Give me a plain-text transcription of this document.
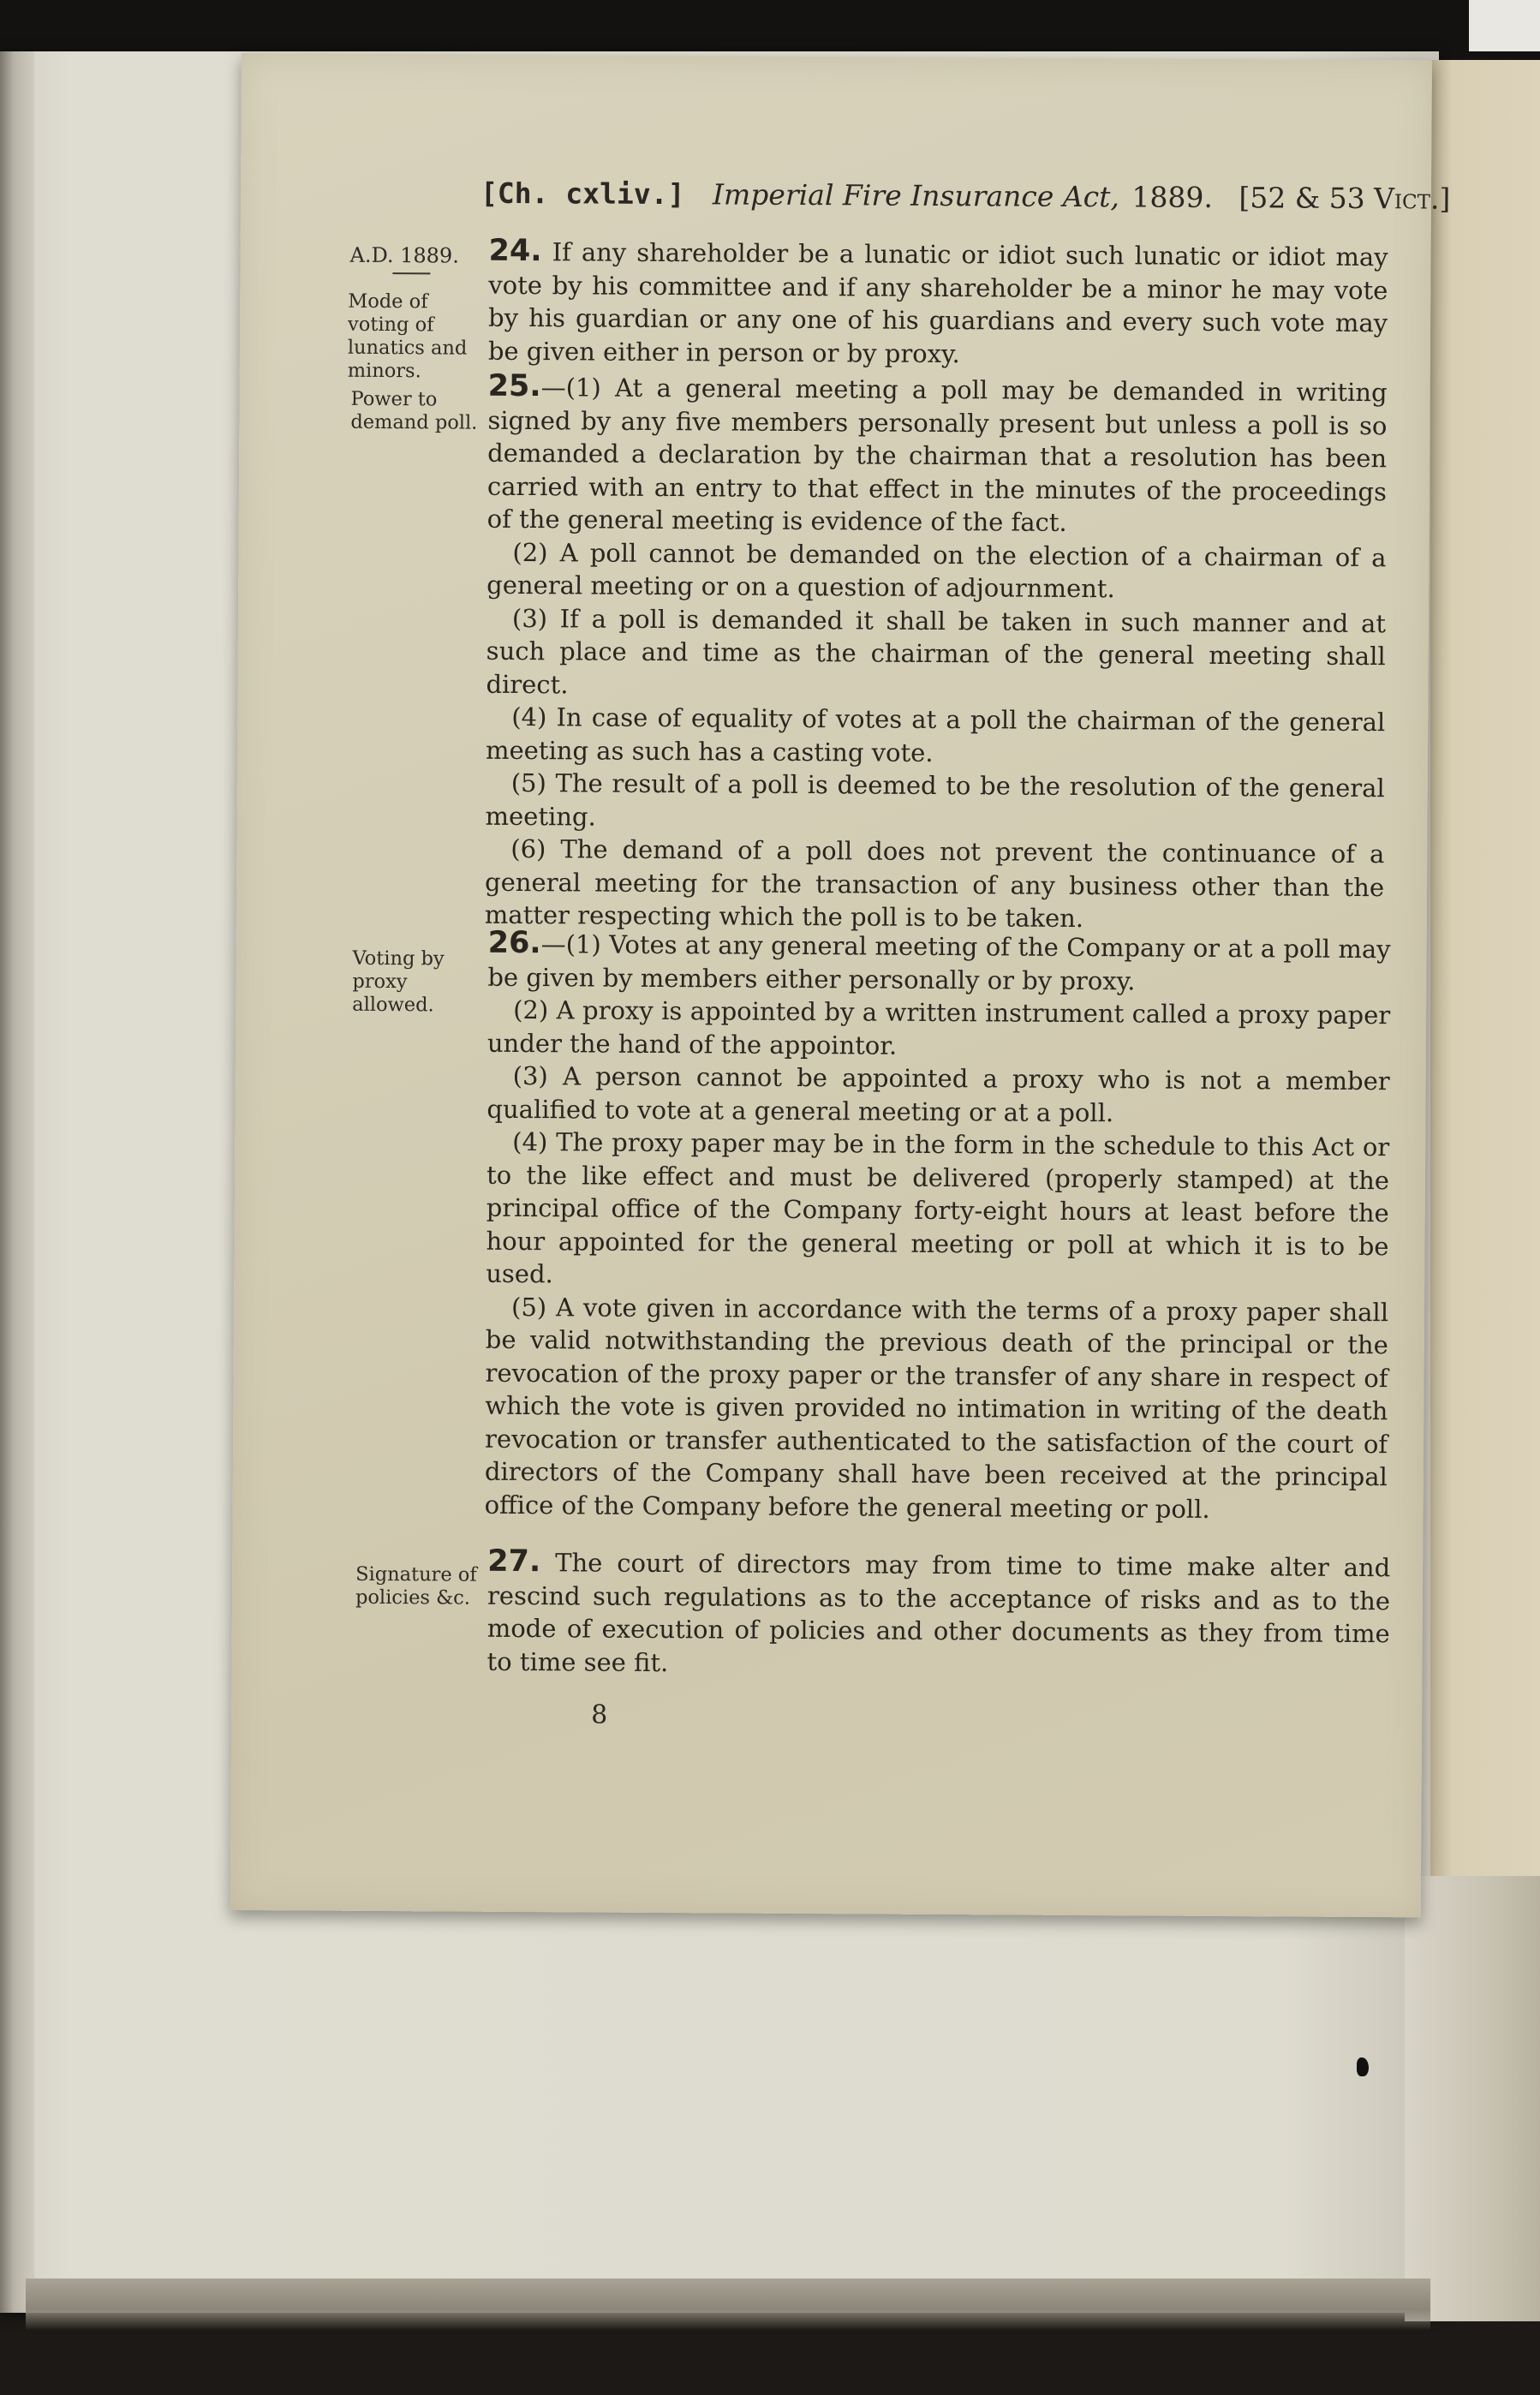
[Ch. cxliv.] Imperial Fire Insurance Act, 1889. [52 & 53 Vict.]
A.D. 1889.
Mode of voting of lunatics and minors.
Power to demand poll.
Voting by proxy allowed.
Signature of policies &c.

24. If any shareholder be a lunatic or idiot such lunatic or idiot may vote by his committee and if any shareholder be a minor he may vote by his guardian or any one of his guardians and every such vote may be given either in person or by proxy.

25.—(1) At a general meeting a poll may be demanded in writing signed by any five members personally present but unless a poll is so demanded a declaration by the chairman that a resolution has been carried with an entry to that effect in the minutes of the proceedings of the general meeting is evidence of the fact.

(2) A poll cannot be demanded on the election of a chairman of a general meeting or on a question of adjournment.

(3) If a poll is demanded it shall be taken in such manner and at such place and time as the chairman of the general meeting shall direct.

(4) In case of equality of votes at a poll the chairman of the general meeting as such has a casting vote.

(5) The result of a poll is deemed to be the resolution of the general meeting.

(6) The demand of a poll does not prevent the continuance of a general meeting for the transaction of any business other than the matter respecting which the poll is to be taken.

26.—(1) Votes at any general meeting of the Company or at a poll may be given by members either personally or by proxy.

(2) A proxy is appointed by a written instrument called a proxy paper under the hand of the appointor.

(3) A person cannot be appointed a proxy who is not a member qualified to vote at a general meeting or at a poll.

(4) The proxy paper may be in the form in the schedule to this Act or to the like effect and must be delivered (properly stamped) at the principal office of the Company forty-eight hours at least before the hour appointed for the general meeting or poll at which it is to be used.

(5) A vote given in accordance with the terms of a proxy paper shall be valid notwithstanding the previous death of the principal or the revocation of the proxy paper or the transfer of any share in respect of which the vote is given provided no intimation in writing of the death revocation or transfer authenticated to the satisfaction of the court of directors of the Company shall have been received at the principal office of the Company before the general meeting or poll.

27. The court of directors may from time to time make alter and rescind such regulations as to the acceptance of risks and as to the mode of execution of policies and other documents as they from time to time see fit.

8
